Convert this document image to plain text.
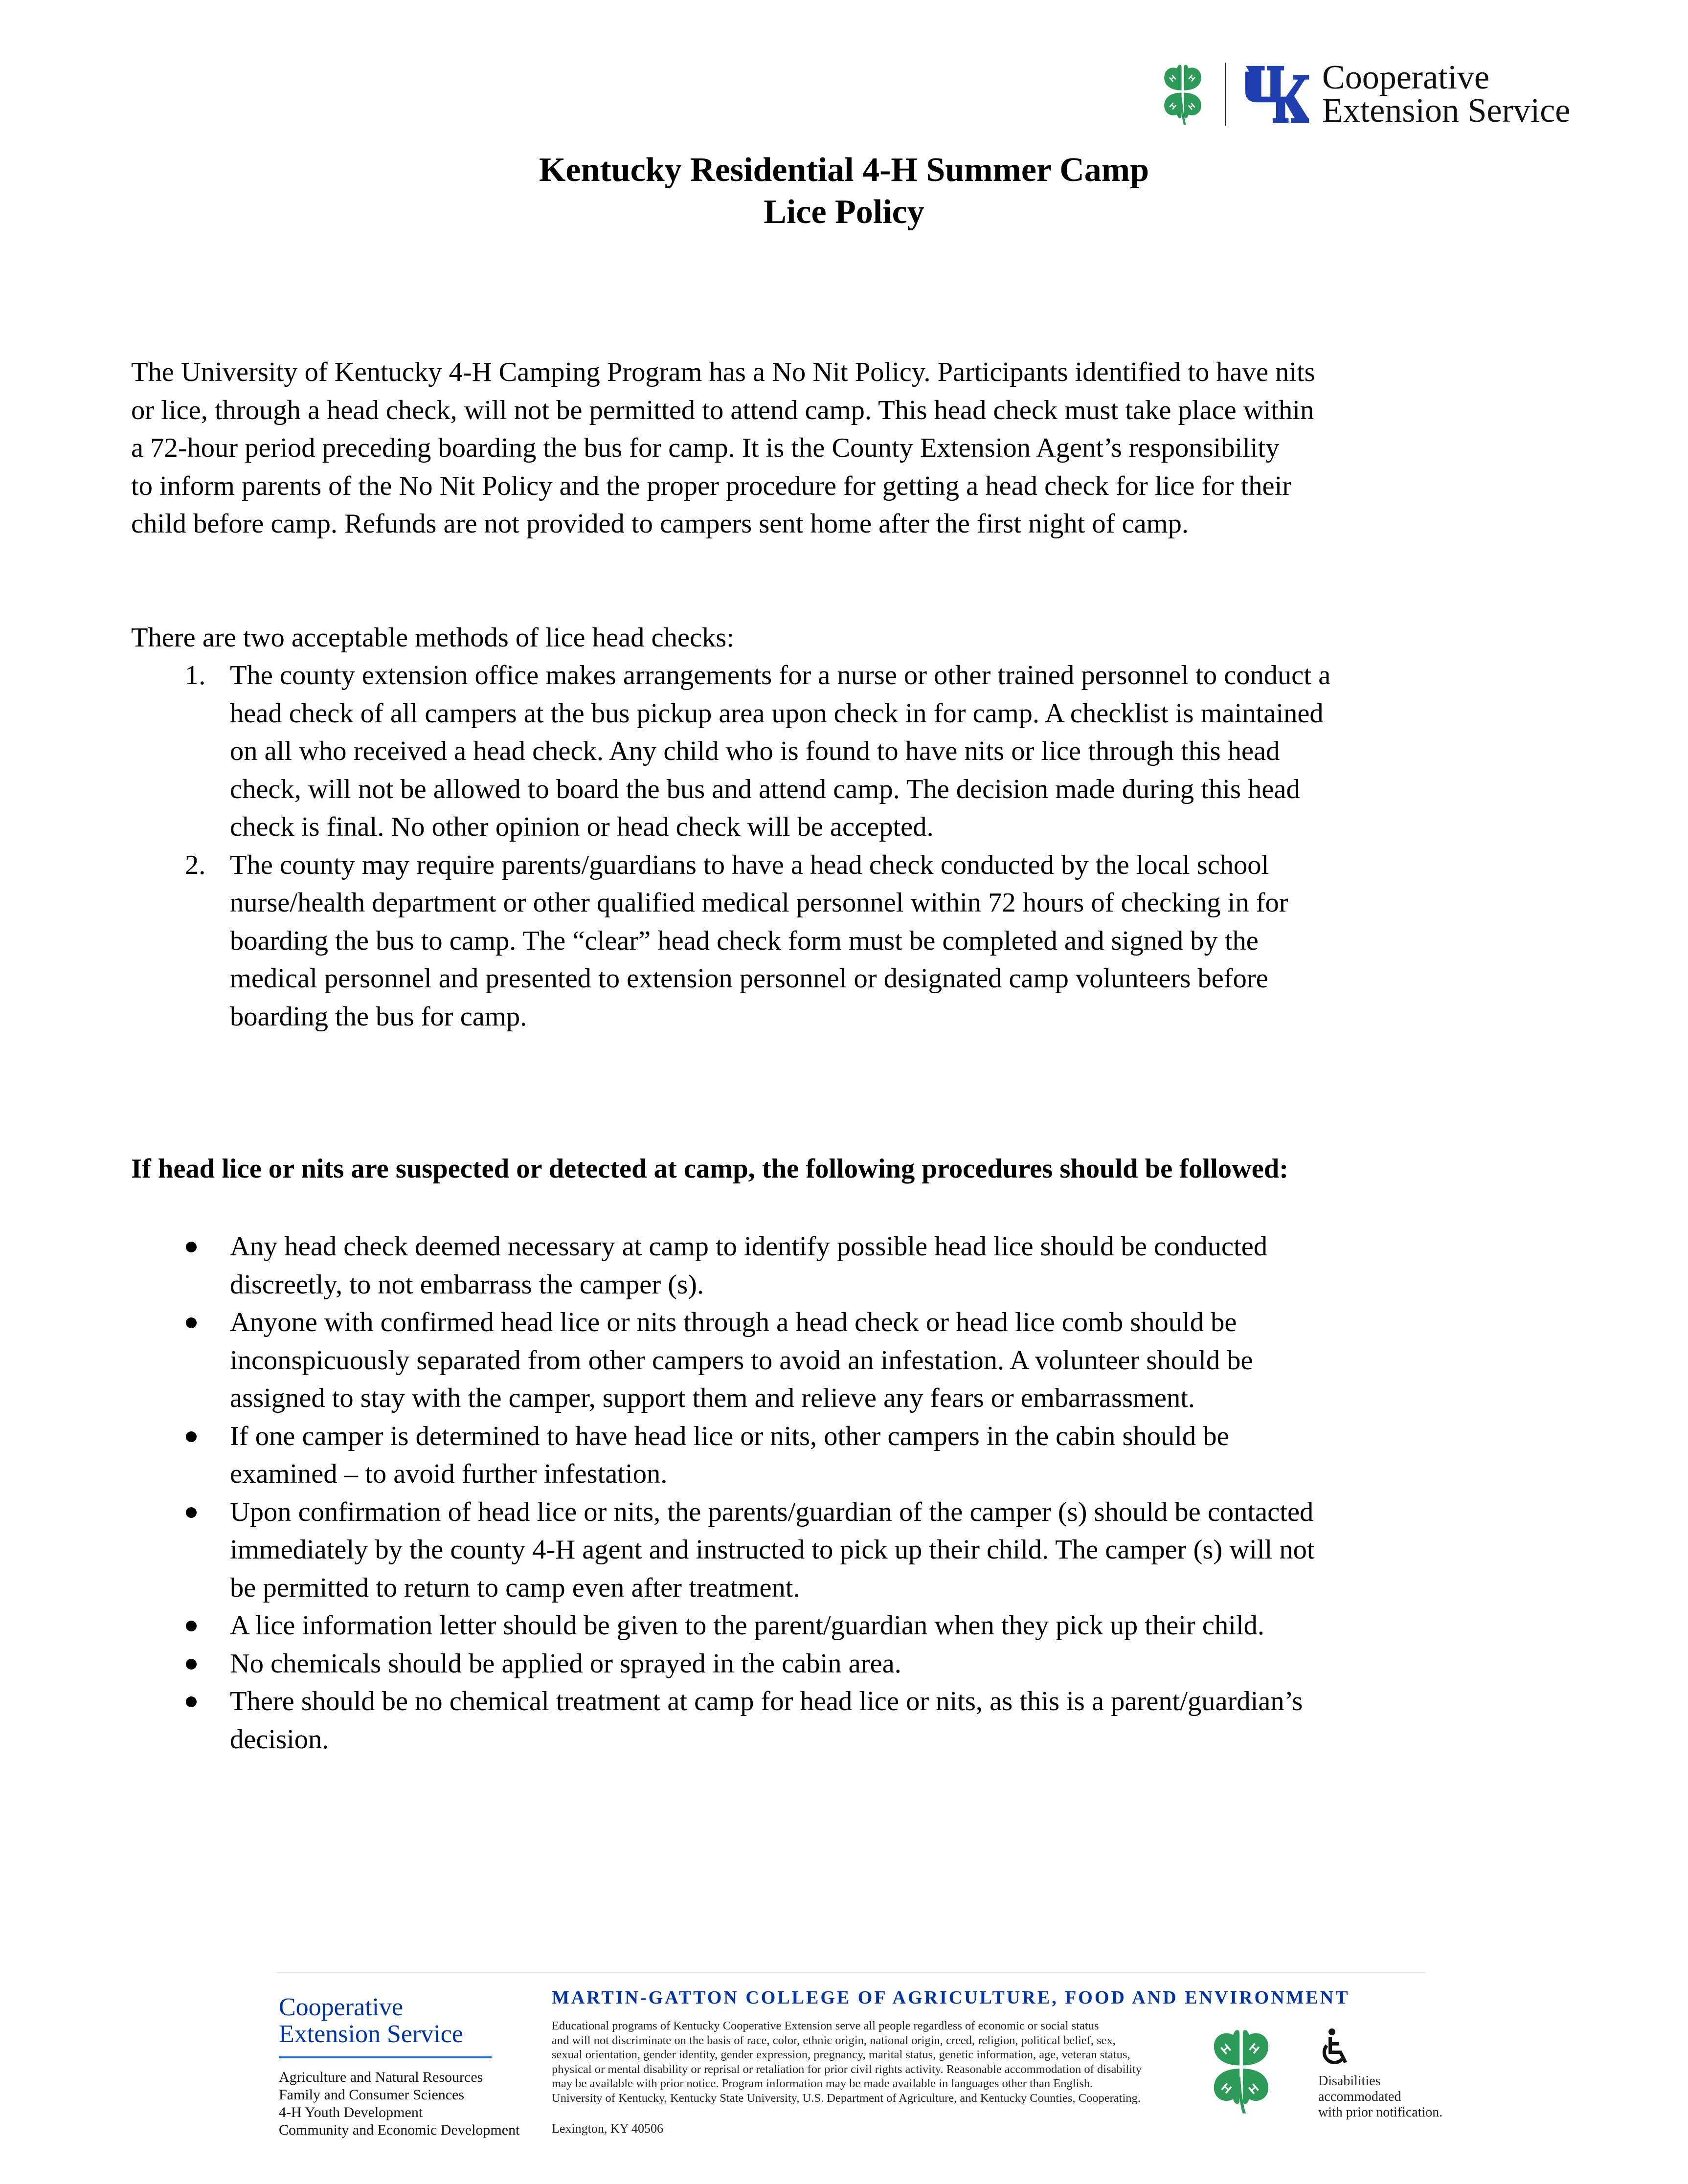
H H
H H
Cooperative
Extension Service
Kentucky Residential 4-H Summer Camp
Lice Policy
The University of Kentucky 4-H Camping Program has a No Nit Policy. Participants identified to have nits
or lice, through a head check, will not be permitted to attend camp. This head check must take place within
a 72-hour period preceding boarding the bus for camp. It is the County Extension Agent’s responsibility
to inform parents of the No Nit Policy and the proper procedure for getting a head check for lice for their
child before camp. Refunds are not provided to campers sent home after the first night of camp.
There are two acceptable methods of lice head checks:
1. The county extension office makes arrangements for a nurse or other trained personnel to conduct a
head check of all campers at the bus pickup area upon check in for camp. A checklist is maintained
on all who received a head check. Any child who is found to have nits or lice through this head
check, will not be allowed to board the bus and attend camp. The decision made during this head
check is final. No other opinion or head check will be accepted.
2. The county may require parents/guardians to have a head check conducted by the local school
nurse/health department or other qualified medical personnel within 72 hours of checking in for
boarding the bus to camp. The “clear” head check form must be completed and signed by the
medical personnel and presented to extension personnel or designated camp volunteers before
boarding the bus for camp.
If head lice or nits are suspected or detected at camp, the following procedures should be followed:
Any head check deemed necessary at camp to identify possible head lice should be conducted
discreetly, to not embarrass the camper (s).
Anyone with confirmed head lice or nits through a head check or head lice comb should be
inconspicuously separated from other campers to avoid an infestation. A volunteer should be
assigned to stay with the camper, support them and relieve any fears or embarrassment.
If one camper is determined to have head lice or nits, other campers in the cabin should be
examined – to avoid further infestation.
Upon confirmation of head lice or nits, the parents/guardian of the camper (s) should be contacted
immediately by the county 4-H agent and instructed to pick up their child. The camper (s) will not
be permitted to return to camp even after treatment.
A lice information letter should be given to the parent/guardian when they pick up their child.
No chemicals should be applied or sprayed in the cabin area.
There should be no chemical treatment at camp for head lice or nits, as this is a parent/guardian’s
decision.
Cooperative
Extension Service
Agriculture and Natural Resources
Family and Consumer Sciences
4-H Youth Development
Community and Economic Development
MARTIN-GATTON COLLEGE OF AGRICULTURE, FOOD AND ENVIRONMENT
Educational programs of Kentucky Cooperative Extension serve all people regardless of economic or social status
and will not discriminate on the basis of race, color, ethnic origin, national origin, creed, religion, political belief, sex,
sexual orientation, gender identity, gender expression, pregnancy, marital status, genetic information, age, veteran status,
physical or mental disability or reprisal or retaliation for prior civil rights activity. Reasonable accommodation of disability
may be available with prior notice. Program information may be made available in languages other than English.
University of Kentucky, Kentucky State University, U.S. Department of Agriculture, and Kentucky Counties, Cooperating.
Lexington, KY 40506
H H
H H
Disabilities
accommodated
with prior notification.
